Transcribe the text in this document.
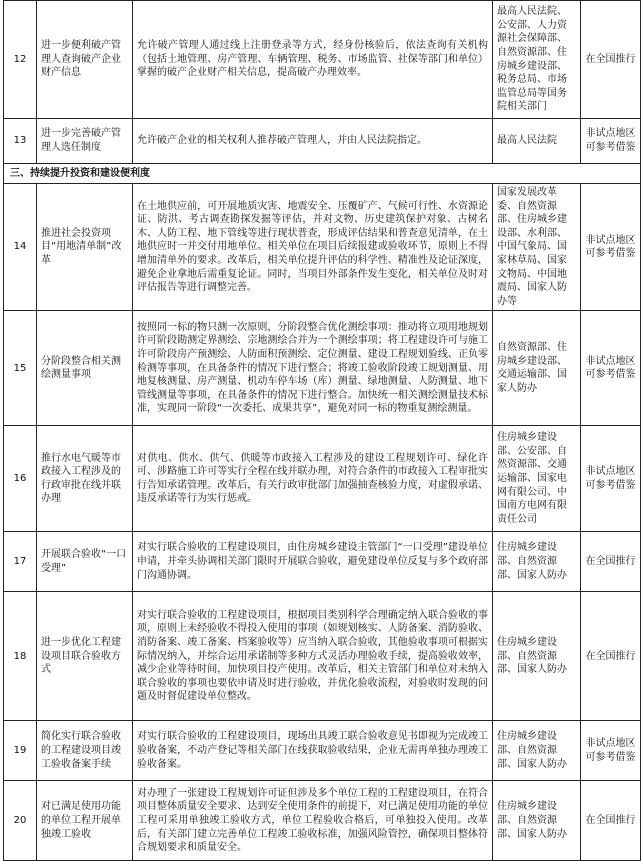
12	进一步便利破产管理人查询破产企业财产信息	允许破产管理人通过线上注册登录等方式，经身份核验后，依法查询有关机构（包括土地管理、房产管理、车辆管理、税务、市场监管、社保等部门和单位）掌握的破产企业财产相关信息，提高破产办理效率。	最高人民法院、公安部、人力资源社会保障部、自然资源部、住房城乡建设部、税务总局、市场监管总局等国务院相关部门	在全国推行
13	进一步完善破产管理人选任制度	允许破产企业的相关权利人推荐破产管理人，并由人民法院指定。	最高人民法院	非试点地区可参考借鉴
三、持续提升投资和建设便利度				
14	推进社会投资项目“用地清单制”改革	在土地供应前，可开展地质灾害、地震安全、压覆矿产、气候可行性、水资源论证、防洪、考古调查勘探发掘等评估，并对文物、历史建筑保护对象、古树名木、人防工程、地下管线等进行现状普查，形成评估结果和普查意见清单，在土地供应时一并交付用地单位。相关单位在项目后续报建或验收环节，原则上不得增加清单外的要求。改革后，相关单位提升评估的科学性、精准性及论证深度，避免企业拿地后需重复论证。同时，当项目外部条件发生变化，相关单位及时对评估报告等进行调整完善。	国家发展改革委、自然资源部、住房城乡建设部、水利部、中国气象局、国家林草局、国家文物局、中国地震局、国家人防办等	非试点地区可参考借鉴
15	分阶段整合相关测绘测量事项	按照同一标的物只测一次原则，分阶段整合优化测绘事项：推动将立项用地规划许可阶段勘测定界测绘、宗地测绘合并为一个测绘事项；将工程建设许可与施工许可阶段房产预测绘、人防面积预测绘、定位测量、建设工程规划验线、正负零检测等事项，在具备条件的情况下进行整合；将竣工验收阶段竣工规划测量、用地复核测量、房产测量、机动车停车场（库）测量、绿地测量、人防测量、地下管线测量等事项，在具备条件的情况下进行整合。加快统一相关测绘测量技术标准，实现同一阶段“一次委托、成果共享”，避免对同一标的物重复测绘测量。	自然资源部、住房城乡建设部、交通运输部、国家人防办	非试点地区可参考借鉴
16	推行水电气暖等市政接入工程涉及的行政审批在线并联办理	对供电、供水、供气、供暖等市政接入工程涉及的建设工程规划许可、绿化许可、涉路施工许可等实行全程在线并联办理，对符合条件的市政接入工程审批实行告知承诺管理。改革后，有关行政审批部门加强抽查核验力度，对虚假承诺、违反承诺等行为实行惩戒。	住房城乡建设部、公安部、自然资源部、交通运输部、国家电网有限公司、中国南方电网有限责任公司	非试点地区可参考借鉴
17	开展联合验收“一口受理”	对实行联合验收的工程建设项目，由住房城乡建设主管部门“一口受理”建设单位申请，并牵头协调相关部门限时开展联合验收，避免建设单位反复与多个政府部门沟通协调。	住房城乡建设部、自然资源部、国家人防办	在全国推行
18	进一步优化工程建设项目联合验收方式	对实行联合验收的工程建设项目，根据项目类别科学合理确定纳入联合验收的事项，原则上未经验收不得投入使用的事项（如规划核实、人防备案、消防验收、消防备案、竣工备案、档案验收等）应当纳入联合验收，其他验收事项可根据实际情况纳入，并综合运用承诺制等多种方式灵活办理验收手续，提高验收效率，减少企业等待时间，加快项目投产使用。改革后，相关主管部门和单位对未纳入联合验收的事项也要依申请及时进行验收，并优化验收流程，对验收时发现的问题及时督促建设单位整改。	住房城乡建设部、自然资源部、国家人防办	在全国推行
19	简化实行联合验收的工程建设项目竣工验收备案手续	对实行联合验收的工程建设项目，现场出具竣工联合验收意见书即视为完成竣工验收备案，不动产登记等相关部门在线获取验收结果，企业无需再单独办理竣工验收备案。	住房城乡建设部、自然资源部、国家人防办	非试点地区可参考借鉴
20	对已满足使用功能的单位工程开展单独竣工验收	对办理了一张建设工程规划许可证但涉及多个单位工程的工程建设项目，在符合项目整体质量安全要求、达到安全使用条件的前提下，对已满足使用功能的单位工程可采用单独竣工验收方式，单位工程验收合格后，可单独投入使用。改革后，有关部门建立完善单位工程竣工验收标准，加强风险管控，确保项目整体符合规划要求和质量安全。	住房城乡建设部、自然资源部、国家人防办	在全国推行
